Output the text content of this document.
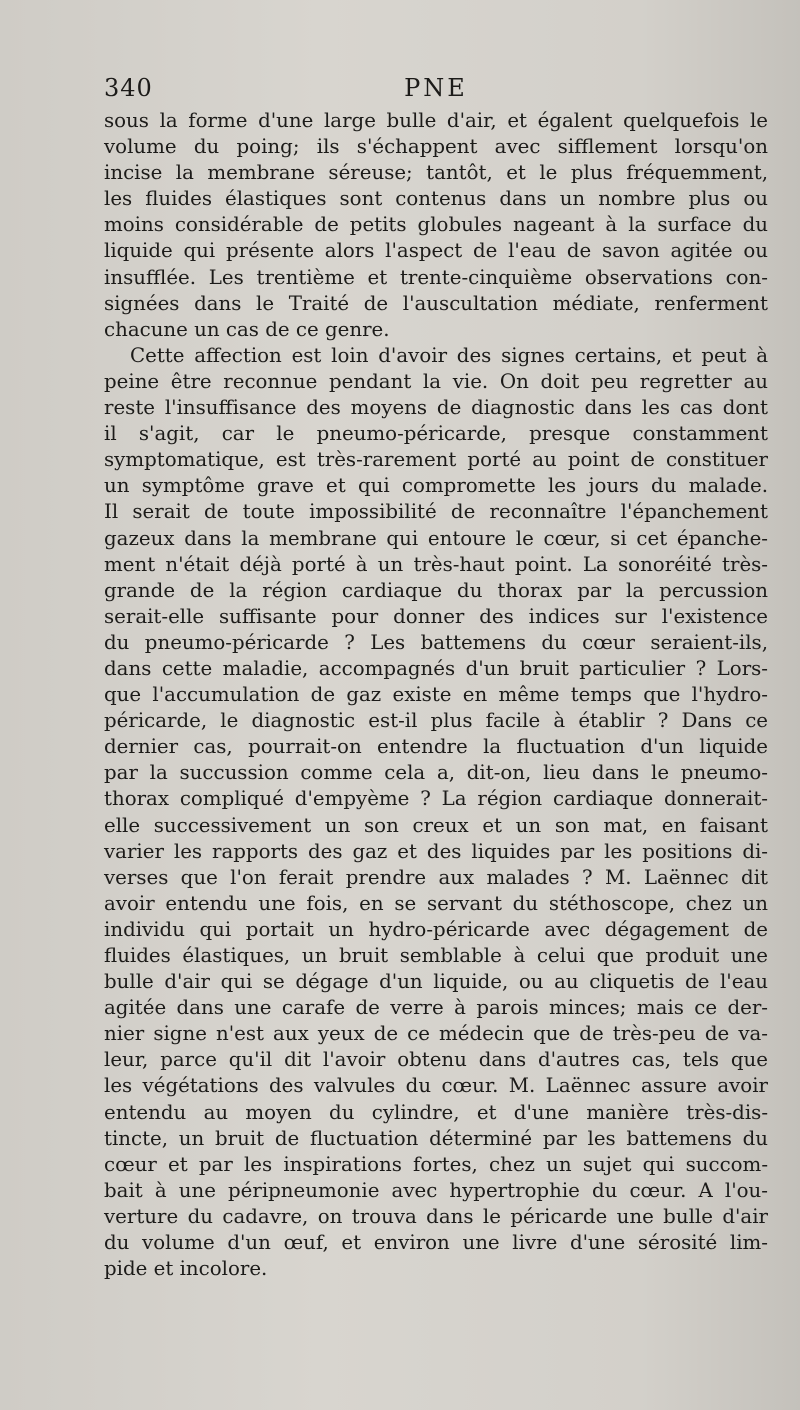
340	PNE
sous la forme d'une large bulle d'air, et égalent quelquefois le
volume du poing; ils s'échappent avec sifflement lorsqu'on
incise la membrane séreuse; tantôt, et le plus fréquemment,
les fluides élastiques sont contenus dans un nombre plus ou
moins considérable de petits globules nageant à la surface du
liquide qui présente alors l'aspect de l'eau de savon agitée ou
insufflée. Les trentième et trente-cinquième observations con-
signées dans le Traité de l'auscultation médiate, renferment
chacune un cas de ce genre.
Cette affection est loin d'avoir des signes certains, et peut à
peine être reconnue pendant la vie. On doit peu regretter au
reste l'insuffisance des moyens de diagnostic dans les cas dont
il s'agit, car le pneumo-péricarde, presque constamment
symptomatique, est très-rarement porté au point de constituer
un symptôme grave et qui compromette les jours du malade.
Il serait de toute impossibilité de reconnaître l'épanchement
gazeux dans la membrane qui entoure le cœur, si cet épanche-
ment n'était déjà porté à un très-haut point. La sonoréité très-
grande de la région cardiaque du thorax par la percussion
serait-elle suffisante pour donner des indices sur l'existence
du pneumo-péricarde ? Les battemens du cœur seraient-ils,
dans cette maladie, accompagnés d'un bruit particulier ? Lors-
que l'accumulation de gaz existe en même temps que l'hydro-
péricarde, le diagnostic est-il plus facile à établir ? Dans ce
dernier cas, pourrait-on entendre la fluctuation d'un liquide
par la succussion comme cela a, dit-on, lieu dans le pneumo-
thorax compliqué d'empyème ? La région cardiaque donnerait-
elle successivement un son creux et un son mat, en faisant
varier les rapports des gaz et des liquides par les positions di-
verses que l'on ferait prendre aux malades ? M. Laënnec dit
avoir entendu une fois, en se servant du stéthoscope, chez un
individu qui portait un hydro-péricarde avec dégagement de
fluides élastiques, un bruit semblable à celui que produit une
bulle d'air qui se dégage d'un liquide, ou au cliquetis de l'eau
agitée dans une carafe de verre à parois minces; mais ce der-
nier signe n'est aux yeux de ce médecin que de très-peu de va-
leur, parce qu'il dit l'avoir obtenu dans d'autres cas, tels que
les végétations des valvules du cœur. M. Laënnec assure avoir
entendu au moyen du cylindre, et d'une manière très-dis-
tincte, un bruit de fluctuation déterminé par les battemens du
cœur et par les inspirations fortes, chez un sujet qui succom-
bait à une péripneumonie avec hypertrophie du cœur. A l'ou-
verture du cadavre, on trouva dans le péricarde une bulle d'air
du volume d'un œuf, et environ une livre d'une sérosité lim-
pide et incolore.
